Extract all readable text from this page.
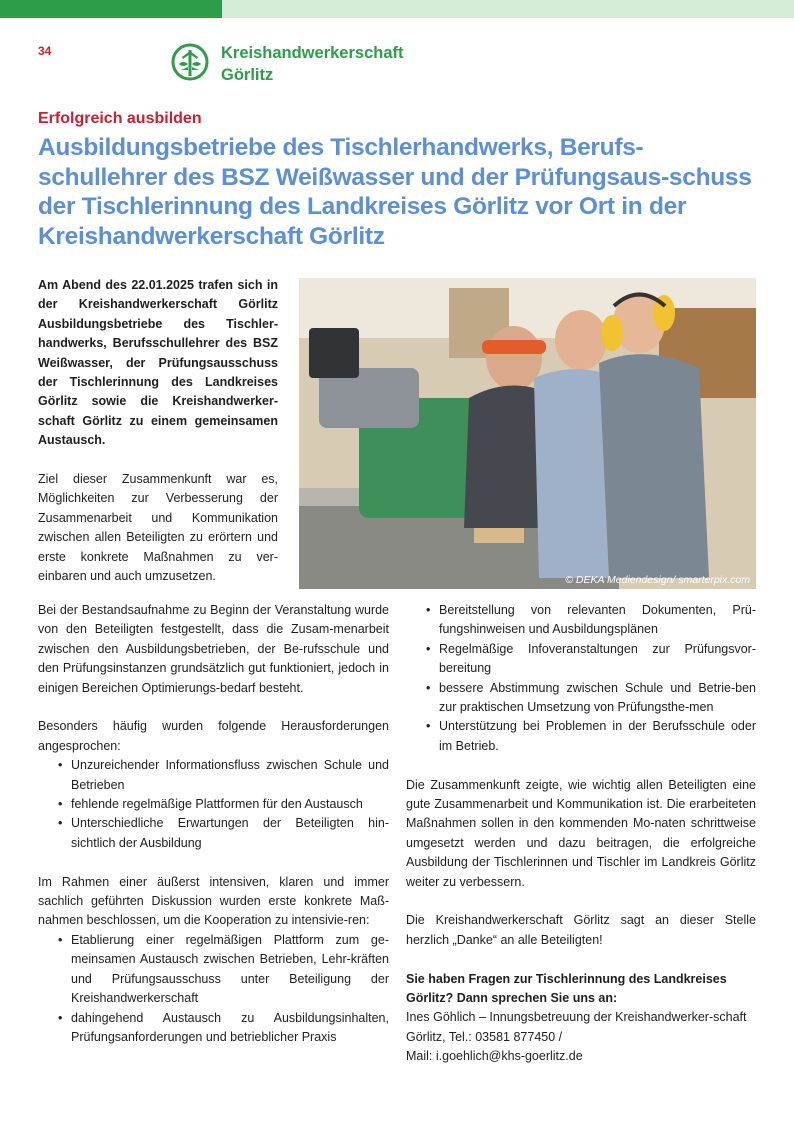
34	Kreishandwerkerschaft
Görlitz
Erfolgreich ausbilden
Ausbildungsbetriebe des Tischlerhandwerks, Berufs-schullehrer des BSZ Weißwasser und der Prüfungsaus-schuss der Tischlerinnung des Landkreises Görlitz vor Ort in der Kreishandwerkerschaft Görlitz

Am Abend des 22.01.2025 trafen sich in der Kreishandwerkerschaft Görlitz Ausbildungsbetriebe des Tischler-handwerks, Berufsschullehrer des BSZ Weißwasser, der Prüfungsausschuss der Tischlerinnung des Landkreises Görlitz sowie die Kreishandwerker-schaft Görlitz zu einem gemeinsamen Austausch.

Ziel dieser Zusammenkunft war es, Möglichkeiten zur Verbesserung der Zusammenarbeit und Kommunikation zwischen allen Beteiligten zu erörtern und erste konkrete Maßnahmen zu ver-einbaren und auch umzusetzen.	© DEKA Mediendesign/ smarterpix.com

Bei der Bestandsaufnahme zu Beginn der Veranstaltung wurde von den Beteiligten festgestellt, dass die Zusam-menarbeit zwischen den Ausbildungsbetrieben, der Be-rufsschule und den Prüfungsinstanzen grundsätzlich gut funktioniert, jedoch in einigen Bereichen Optimierungs-bedarf besteht.

Besonders häufig wurden folgende Herausforderungen angesprochen:

• Unzureichender Informationsfluss zwischen Schule und Betrieben
• fehlende regelmäßige Plattformen für den Austausch
• Unterschiedliche Erwartungen der Beteiligten hin-sichtlich der Ausbildung

Im Rahmen einer äußerst intensiven, klaren und immer sachlich geführten Diskussion wurden erste konkrete Maß-nahmen beschlossen, um die Kooperation zu intensivie-ren:

• Etablierung einer regelmäßigen Plattform zum ge-meinsamen Austausch zwischen Betrieben, Lehr-kräften und Prüfungsausschuss unter Beteiligung der Kreishandwerkerschaft
• dahingehend Austausch zu Ausbildungsinhalten, Prüfungsanforderungen und betrieblicher Praxis
• Bereitstellung von relevanten Dokumenten, Prü-fungshinweisen und Ausbildungsplänen
• Regelmäßige Infoveranstaltungen zur Prüfungsvor-bereitung
• bessere Abstimmung zwischen Schule und Betrie-ben zur praktischen Umsetzung von Prüfungsthe-men
• Unterstützung bei Problemen in der Berufsschule oder im Betrieb.

Die Zusammenkunft zeigte, wie wichtig allen Beteiligten eine gute Zusammenarbeit und Kommunikation ist. Die erarbeiteten Maßnahmen sollen in den kommenden Mo-naten schrittweise umgesetzt werden und dazu beitragen, die erfolgreiche Ausbildung der Tischlerinnen und Tischler im Landkreis Görlitz weiter zu verbessern.

Die Kreishandwerkerschaft Görlitz sagt an dieser Stelle herzlich „Danke“ an alle Beteiligten!

Sie haben Fragen zur Tischlerinnung des Landkreises Görlitz? Dann sprechen Sie uns an:

Ines Göhlich – Innungsbetreuung der Kreishandwerker-schaft Görlitz, Tel.: 03581 877450 /

Mail: i.goehlich@khs-goerlitz.de
